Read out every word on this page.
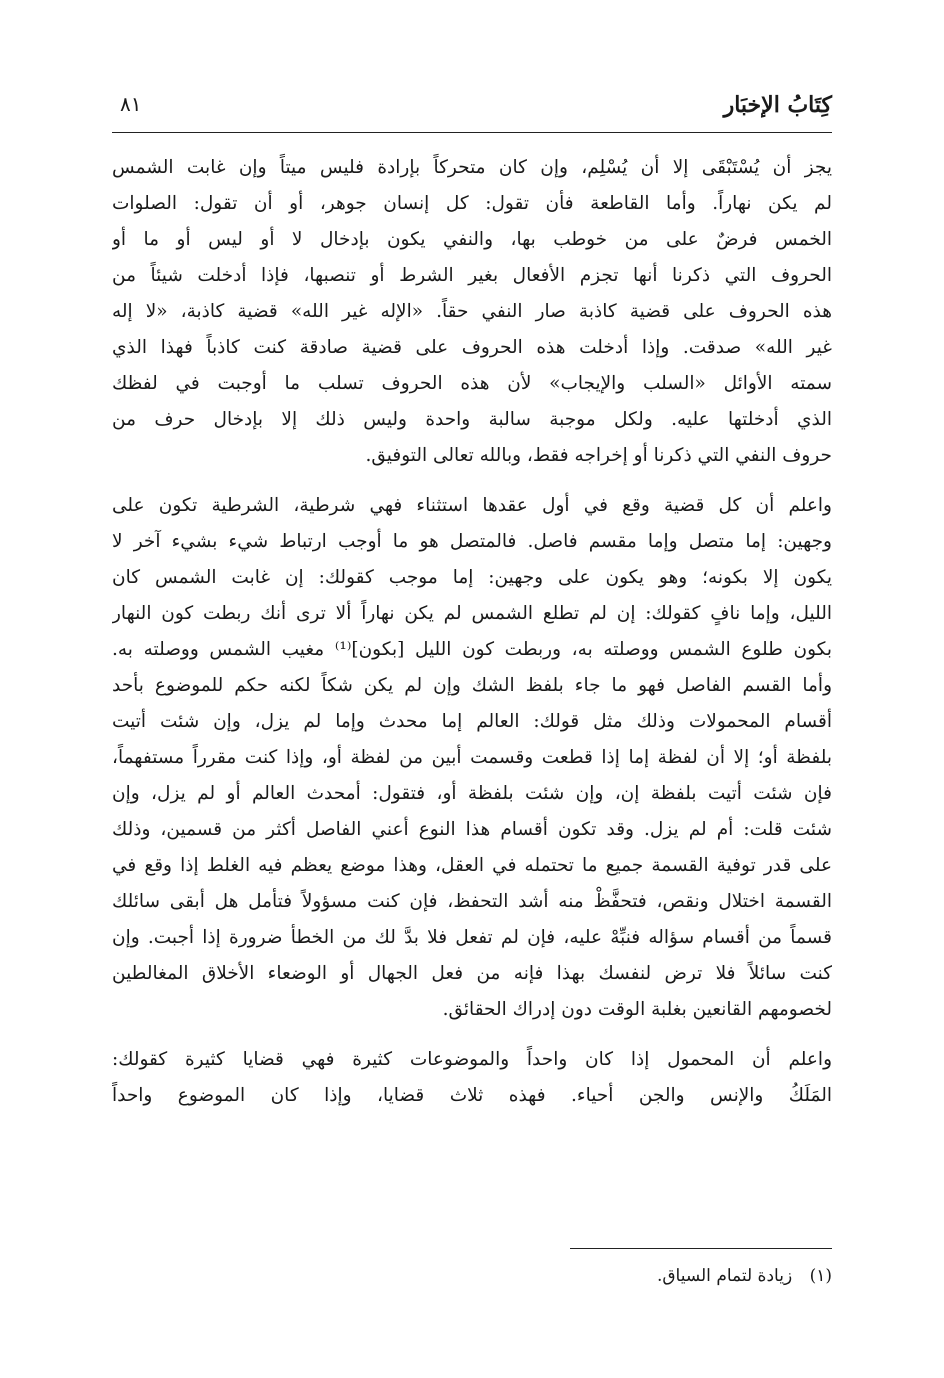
كِتَابُ الإخبَار
٨١

يجز أن يُسْتَبْقَى إلا أن يُسْلِم، وإن كان متحركاً بإرادة فليس ميتاً وإن غابت الشمس
لم يكن نهاراً. وأما القاطعة فأن تقول: كل إنسان جوهر، أو أن تقول: الصلوات
الخمس فرضٌ على من خوطب بها، والنفي يكون بإدخال لا أو ليس أو ما أو
الحروف التي ذكرنا أنها تجزم الأفعال بغير الشرط أو تنصبها، فإذا أدخلت شيئاً من
هذه الحروف على قضية كاذبة صار النفي حقاً. «الإله غير الله» قضية كاذبة، «لا إله
غير الله» صدقت. وإذا أدخلت هذه الحروف على قضية صادقة كنت كاذباً فهذا الذي
سمته الأوائل «السلب والإيجاب» لأن هذه الحروف تسلب ما أوجبت في لفظك
الذي أدخلتها عليه. ولكل موجبة سالبة واحدة وليس ذلك إلا بإدخال حرف من
حروف النفي التي ذكرنا أو إخراجه فقط، وبالله تعالى التوفيق.

واعلم أن كل قضية وقع في أول عقدها استثناء فهي شرطية، الشرطية تكون على
وجهين: إما متصل وإما مقسم فاصل. فالمتصل هو ما أوجب ارتباط شيء بشيء آخر لا
يكون إلا بكونه؛ وهو يكون على وجهين: إما موجب كقولك: إن غابت الشمس كان
الليل، وإما نافٍ كقولك: إن لم تطلع الشمس لم يكن نهاراً ألا ترى أنك ربطت كون النهار
بكون طلوع الشمس ووصلته به، وربطت كون الليل [بكون]⁽¹⁾ مغيب الشمس ووصلته به.
وأما القسم الفاصل فهو ما جاء بلفظ الشك وإن لم يكن شكاً لكنه حكم للموضوع بأحد
أقسام المحمولات وذلك مثل قولك: العالم إما محدث وإما لم يزل، وإن شئت أتيت
بلفظة أو؛ إلا أن لفظة إما إذا قطعت وقسمت أبين من لفظة أو، وإذا كنت مقرراً مستفهماً،
فإن شئت أتيت بلفظة إن، وإن شئت بلفظة أو، فتقول: أمحدث العالم أو لم يزل، وإن
شئت قلت: أم لم يزل. وقد تكون أقسام هذا النوع أعني الفاصل أكثر من قسمين، وذلك
على قدر توفية القسمة جميع ما تحتمله في العقل، وهذا موضع يعظم فيه الغلط إذا وقع في
القسمة اختلال ونقص، فتحفَّظْ منه أشد التحفظ، فإن كنت مسؤولاً فتأمل هل أبقى سائلك
قسماً من أقسام سؤاله فنبِّهْ عليه، فإن لم تفعل فلا بدَّ لك من الخطأ ضرورة إذا أجبت. وإن
كنت سائلاً فلا ترض لنفسك بهذا فإنه من فعل الجهال أو الوضعاء الأخلاق المغالطين
لخصومهم القانعين بغلبة الوقت دون إدراك الحقائق.

واعلم أن المحمول إذا كان واحداً والموضوعات كثيرة فهي قضايا كثيرة كقولك:
المَلَكُ والإنس والجن أحياء. فهذه ثلاث قضايا، وإذا كان الموضوع واحداً

(١) زيادة لتمام السياق.
